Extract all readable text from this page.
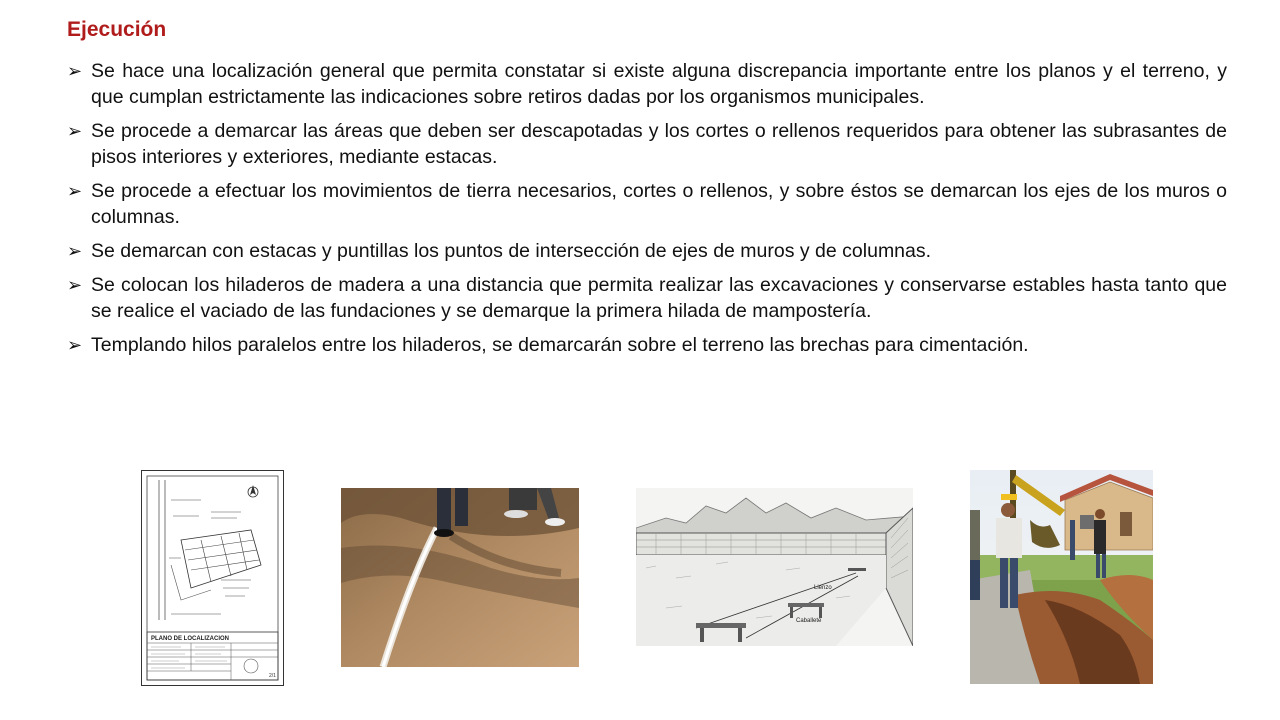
Ejecución
➢ Se hace una localización general que permita constatar si existe alguna discrepancia importante entre los planos y el terreno, y que cumplan estrictamente las indicaciones sobre retiros dadas por los organismos municipales.
➢ Se procede a demarcar las áreas que deben ser descapotadas y los cortes o rellenos requeridos para obtener las subrasantes de pisos interiores y exteriores, mediante estacas.
➢ Se procede a efectuar los movimientos de tierra necesarios, cortes o rellenos, y sobre éstos se demarcan los ejes de los muros o columnas.
➢ Se demarcan con estacas y puntillas los puntos de intersección de ejes de muros y de columnas.
➢ Se colocan los hiladeros de madera a una distancia que permita realizar las excavaciones y conservarse estables hasta tanto que se realice el vaciado de las fundaciones y se demarque la primera hilada de mampostería.
➢ Templando hilos paralelos entre los hiladeros, se demarcarán sobre el terreno las brechas para cimentación.
PLANO DE LOCALIZACION
2/1
Lienzo
Caballete
